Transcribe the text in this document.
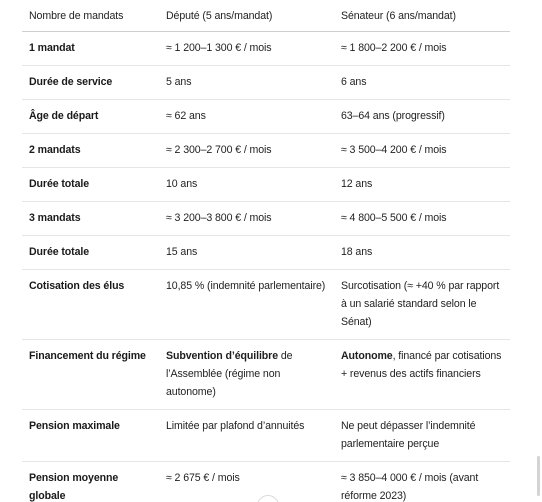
Nombre de mandats	Député (5 ans/mandat)	Sénateur (6 ans/mandat)
1 mandat	≈ 1 200–1 300 € / mois	≈ 1 800–2 200 € / mois
Durée de service	5 ans	6 ans
Âge de départ	≈ 62 ans	63–64 ans (progressif)
2 mandats	≈ 2 300–2 700 € / mois	≈ 3 500–4 200 € / mois
Durée totale	10 ans	12 ans
3 mandats	≈ 3 200–3 800 € / mois	≈ 4 800–5 500 € / mois
Durée totale	15 ans	18 ans
Cotisation des élus	10,85 % (indemnité parlementaire)	Surcotisation (≈ +40 % par rapport à un salarié standard selon le Sénat)
Financement du régime	Subvention d’équilibre de l’Assemblée (régime non autonome)	Autonome, financé par cotisations + revenus des actifs financiers
Pension maximale	Limitée par plafond d’annuités	Ne peut dépasser l’indemnité parlementaire perçue
Pension moyenne globale	≈ 2 675 € / mois	≈ 3 850–4 000 € / mois (avant réforme 2023)
